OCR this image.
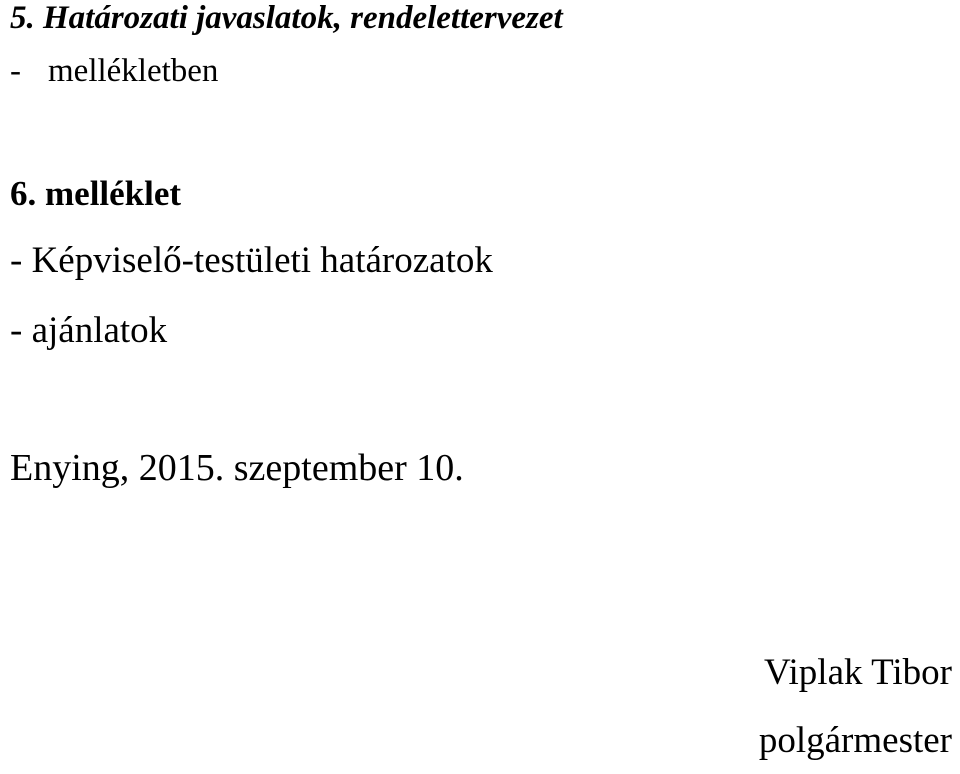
5. Határozati javaslatok, rendelettervezet
- mellékletben
6. melléklet
- Képviselő-testületi határozatok
- ajánlatok
Enying, 2015. szeptember 10.
Viplak Tibor
polgármester
